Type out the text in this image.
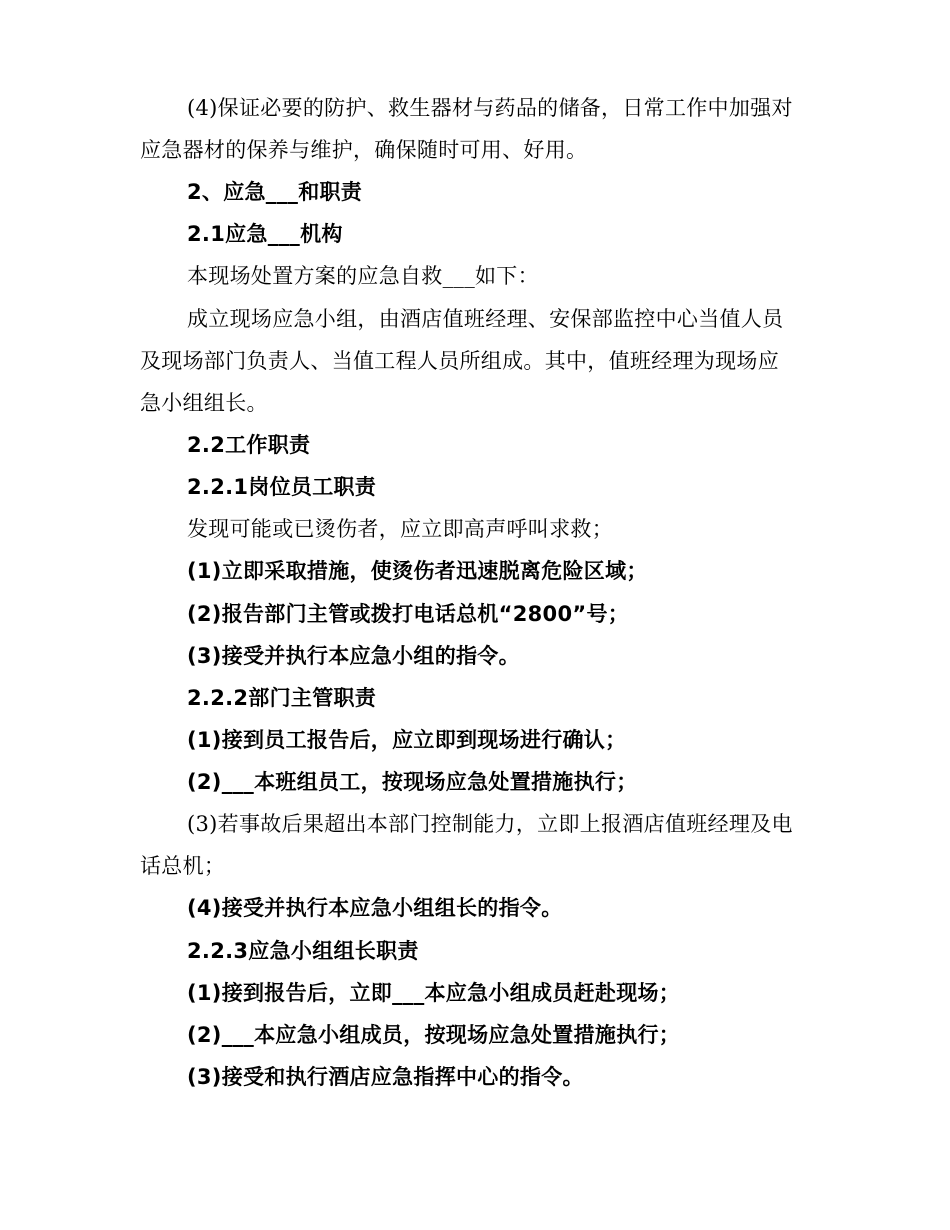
(4)保证必要的防护、救生器材与药品的储备，日常工作中加强对
应急器材的保养与维护，确保随时可用、好用。
2、应急___和职责
2.1应急___机构
本现场处置方案的应急自救___如下：
成立现场应急小组，由酒店值班经理、安保部监控中心当值人员
及现场部门负责人、当值工程人员所组成。其中，值班经理为现场应
急小组组长。
2.2工作职责
2.2.1岗位员工职责
发现可能或已烫伤者，应立即高声呼叫求救；
(1)立即采取措施，使烫伤者迅速脱离危险区域；
(2)报告部门主管或拨打电话总机“2800”号；
(3)接受并执行本应急小组的指令。
2.2.2部门主管职责
(1)接到员工报告后，应立即到现场进行确认；
(2)___本班组员工，按现场应急处置措施执行；
(3)若事故后果超出本部门控制能力，立即上报酒店值班经理及电
话总机；
(4)接受并执行本应急小组组长的指令。
2.2.3应急小组组长职责
(1)接到报告后，立即___本应急小组成员赶赴现场；
(2)___本应急小组成员，按现场应急处置措施执行；
(3)接受和执行酒店应急指挥中心的指令。
